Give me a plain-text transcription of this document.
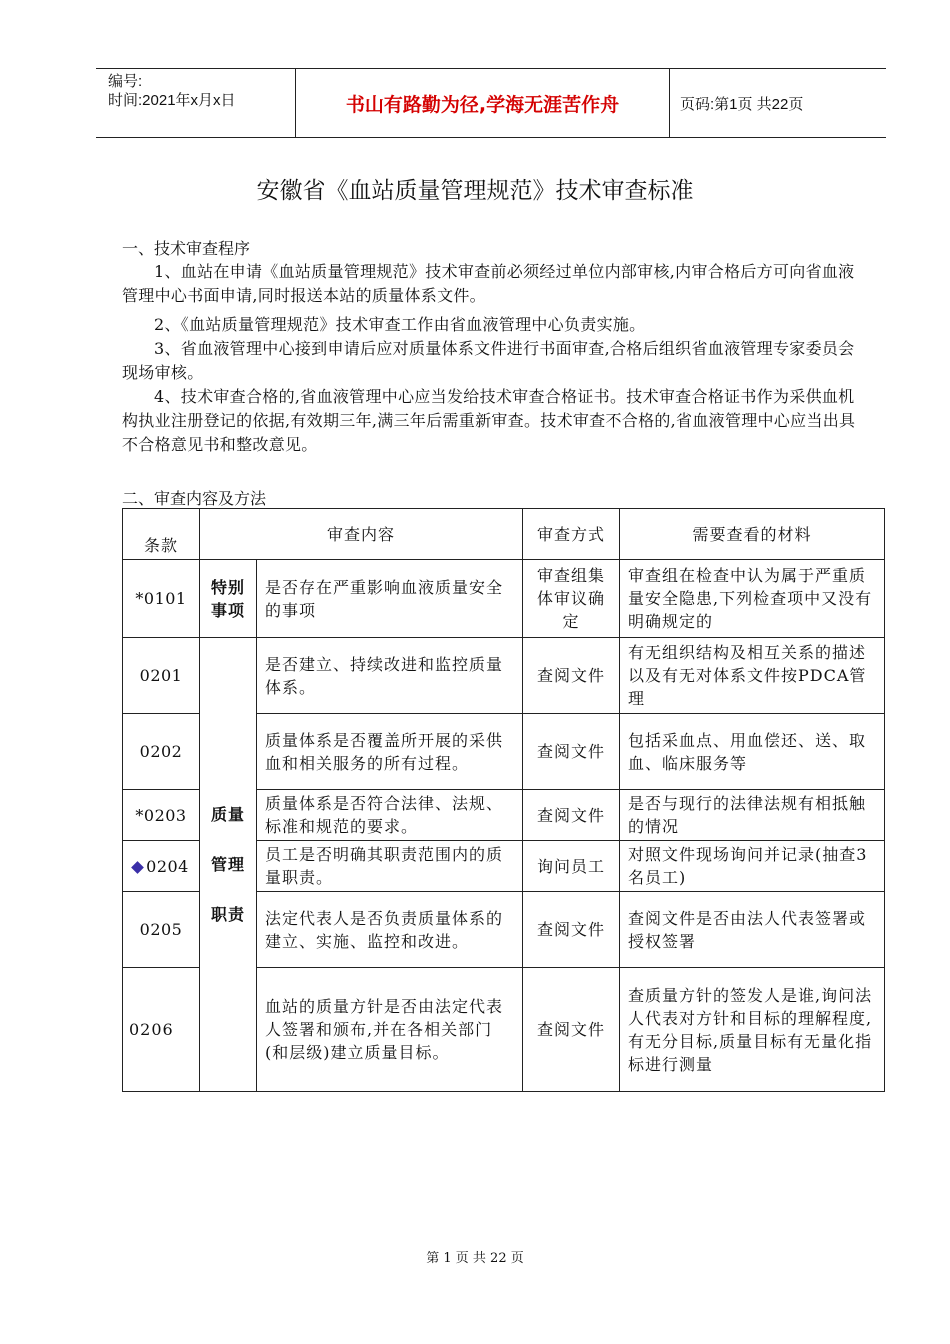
编号:
时间:2021年x月x日	书山有路勤为径,学海无涯苦作舟	页码:第1页 共22页
安徽省《血站质量管理规范》技术审查标准
一、技术审查程序
1、血站在申请《血站质量管理规范》技术审查前必须经过单位内部审核,内审合格后方可向省血液管理中心书面申请,同时报送本站的质量体系文件。
2、《血站质量管理规范》技术审查工作由省血液管理中心负责实施。
3、省血液管理中心接到申请后应对质量体系文件进行书面审查,合格后组织省血液管理专家委员会现场审核。
4、技术审查合格的,省血液管理中心应当发给技术审查合格证书。技术审查合格证书作为采供血机构执业注册登记的依据,有效期三年,满三年后需重新审查。技术审查不合格的,省血液管理中心应当出具不合格意见书和整改意见。
二、审查内容及方法
条款	审查内容		审查方式	需要查看的材料
*0101	特别事项	是否存在严重影响血液质量安全的事项	审查组集体审议确定	审查组在检查中认为属于严重质量安全隐患,下列检查项中又没有明确规定的
0201	质量管理职责	是否建立、持续改进和监控质量体系。	查阅文件	有无组织结构及相互关系的描述以及有无对体系文件按PDCA管理
0202		质量体系是否覆盖所开展的采供血和相关服务的所有过程。	查阅文件	包括采血点、用血偿还、送、取血、临床服务等
*0203		质量体系是否符合法律、法规、标准和规范的要求。	查阅文件	是否与现行的法律法规有相抵触的情况
0204		员工是否明确其职责范围内的质量职责。	询问员工	对照文件现场询问并记录(抽查3名员工)
0205		法定代表人是否负责质量体系的建立、实施、监控和改进。	查阅文件	查阅文件是否由法人代表签署或授权签署
0206		血站的质量方针是否由法定代表人签署和颁布,并在各相关部门(和层级)建立质量目标。	查阅文件	查质量方针的签发人是谁,询问法人代表对方针和目标的理解程度,有无分目标,质量目标有无量化指标进行测量
第 1 页 共 22 页
